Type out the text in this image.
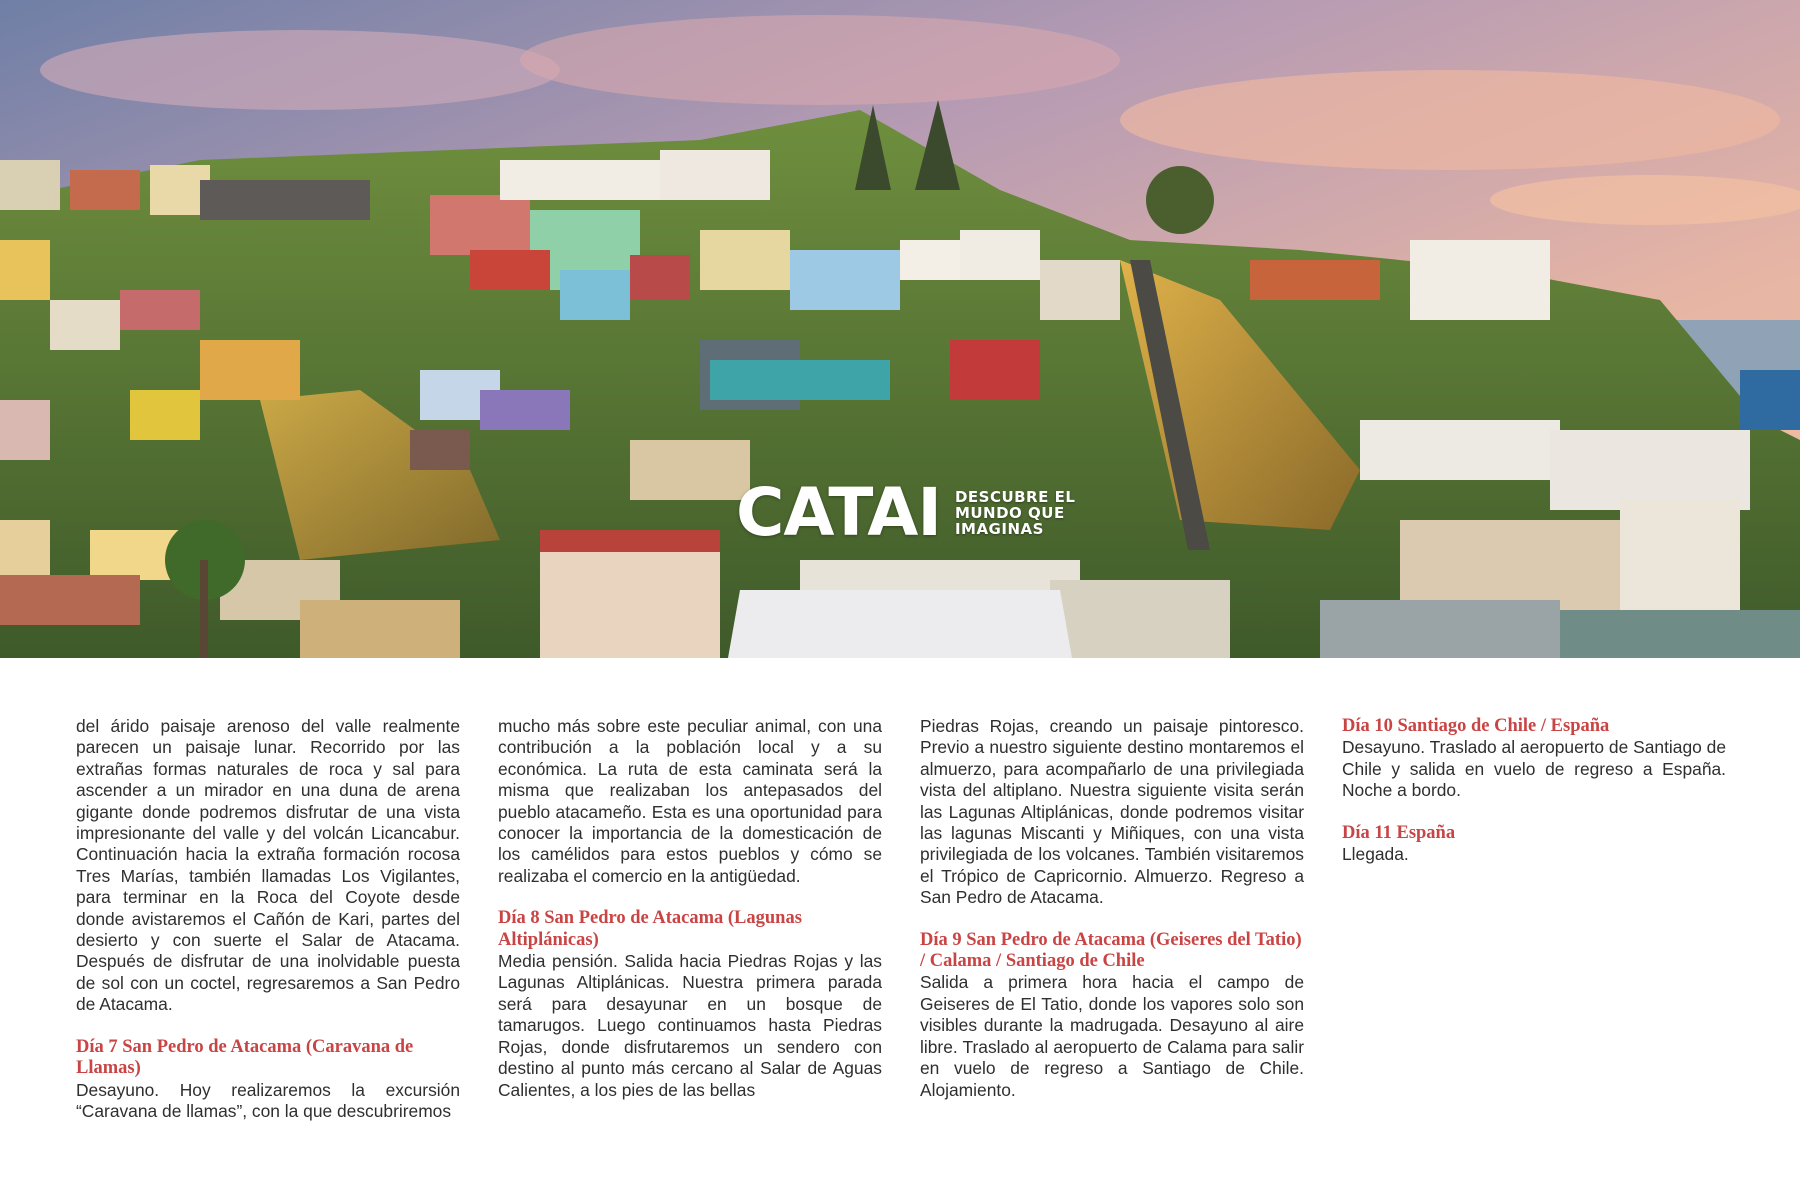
CATAI DESCUBRE EL
MUNDO QUE
IMAGINAS

del árido paisaje arenoso del valle realmente parecen un paisaje lunar. Recorrido por las extrañas formas naturales de roca y sal para ascender a un mirador en una duna de arena gigante donde podremos disfrutar de una vista impresionante del valle y del volcán Licancabur. Continuación hacia la extraña formación rocosa Tres Marías, también llamadas Los Vigilantes, para terminar en la Roca del Coyote desde donde avistaremos el Cañón de Kari, partes del desierto y con suerte el Salar de Atacama. Después de disfrutar de una inolvidable puesta de sol con un coctel, regresaremos a San Pedro de Atacama.

Día 7 San Pedro de Atacama (Caravana de Llamas)

Desayuno. Hoy realizaremos la excursión “Caravana de llamas”, con la que descubriremos

mucho más sobre este peculiar animal, con una contribución a la población local y a su económica. La ruta de esta caminata será la misma que realizaban los antepasados del pueblo atacameño. Esta es una oportunidad para conocer la importancia de la domesticación de los camélidos para estos pueblos y cómo se realizaba el comercio en la antigüedad.

Día 8 San Pedro de Atacama (Lagunas Altiplánicas)

Media pensión. Salida hacia Piedras Rojas y las Lagunas Altiplánicas. Nuestra primera parada será para desayunar en un bosque de tamarugos. Luego continuamos hasta Piedras Rojas, donde disfrutaremos un sendero con destino al punto más cercano al Salar de Aguas Calientes, a los pies de las bellas

Piedras Rojas, creando un paisaje pintoresco. Previo a nuestro siguiente destino montaremos el almuerzo, para acompañarlo de una privilegiada vista del altiplano. Nuestra siguiente visita serán las Lagunas Altiplánicas, donde podremos visitar las lagunas Miscanti y Miñiques, con una vista privilegiada de los volcanes. También visitaremos el Trópico de Capricornio. Almuerzo. Regreso a San Pedro de Atacama.

Día 9 San Pedro de Atacama (Geiseres del Tatio) / Calama / Santiago de Chile

Salida a primera hora hacia el campo de Geiseres de El Tatio, donde los vapores solo son visibles durante la madrugada. Desayuno al aire libre. Traslado al aeropuerto de Calama para salir en vuelo de regreso a Santiago de Chile. Alojamiento.

Día 10 Santiago de Chile / España

Desayuno. Traslado al aeropuerto de Santiago de Chile y salida en vuelo de regreso a España. Noche a bordo.

Día 11 España

Llegada.
